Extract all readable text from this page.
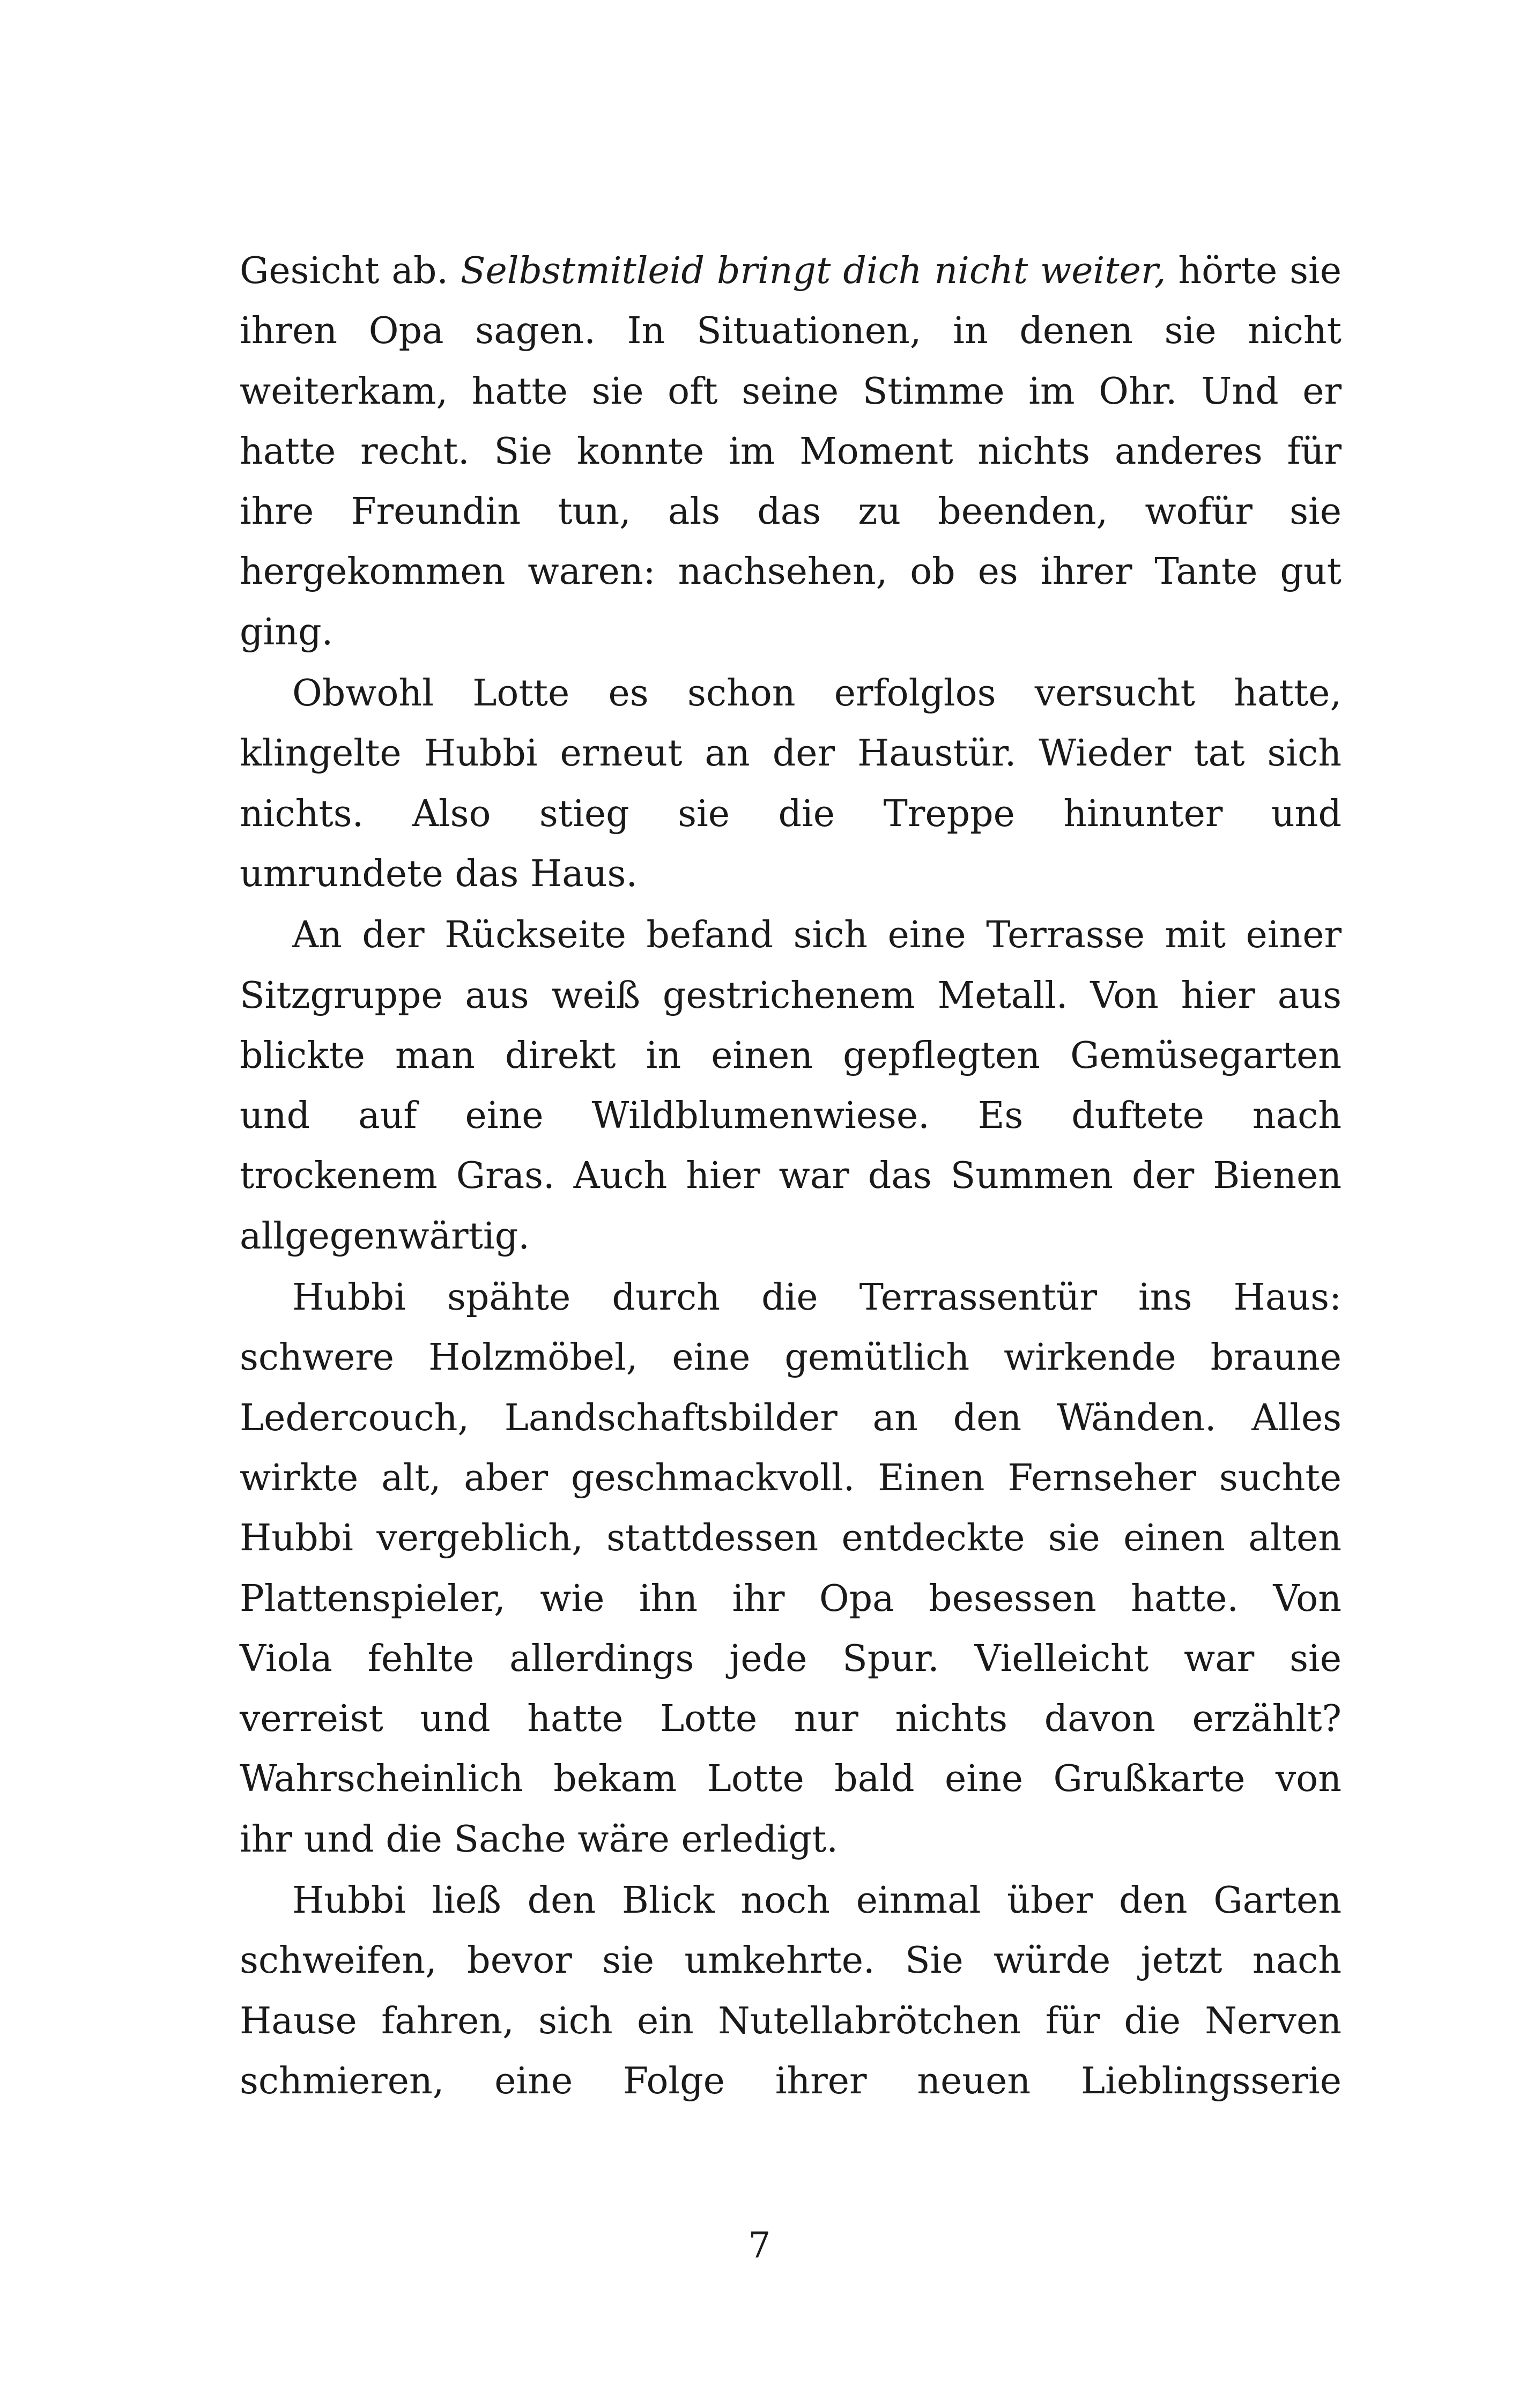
Gesicht ab. Selbstmitleid bringt dich nicht weiter, hörte sie
ihren Opa sagen. In Situationen, in denen sie nicht
weiterkam, hatte sie oft seine Stimme im Ohr. Und er
hatte recht. Sie konnte im Moment nichts anderes für
ihre Freundin tun, als das zu beenden, wofür sie
hergekommen waren: nachsehen, ob es ihrer Tante gut
ging.
Obwohl Lotte es schon erfolglos versucht hatte,
klingelte Hubbi erneut an der Haustür. Wieder tat sich
nichts. Also stieg sie die Treppe hinunter und
umrundete das Haus.
An der Rückseite befand sich eine Terrasse mit einer
Sitzgruppe aus weiß gestrichenem Metall. Von hier aus
blickte man direkt in einen gepflegten Gemüsegarten
und auf eine Wildblumenwiese. Es duftete nach
trockenem Gras. Auch hier war das Summen der Bienen
allgegenwärtig.
Hubbi spähte durch die Terrassentür ins Haus:
schwere Holzmöbel, eine gemütlich wirkende braune
Ledercouch, Landschaftsbilder an den Wänden. Alles
wirkte alt, aber geschmackvoll. Einen Fernseher suchte
Hubbi vergeblich, stattdessen entdeckte sie einen alten
Plattenspieler, wie ihn ihr Opa besessen hatte. Von
Viola fehlte allerdings jede Spur. Vielleicht war sie
verreist und hatte Lotte nur nichts davon erzählt?
Wahrscheinlich bekam Lotte bald eine Grußkarte von
ihr und die Sache wäre erledigt.
Hubbi ließ den Blick noch einmal über den Garten
schweifen, bevor sie umkehrte. Sie würde jetzt nach
Hause fahren, sich ein Nutellabrötchen für die Nerven
schmieren, eine Folge ihrer neuen Lieblingsserie
7
